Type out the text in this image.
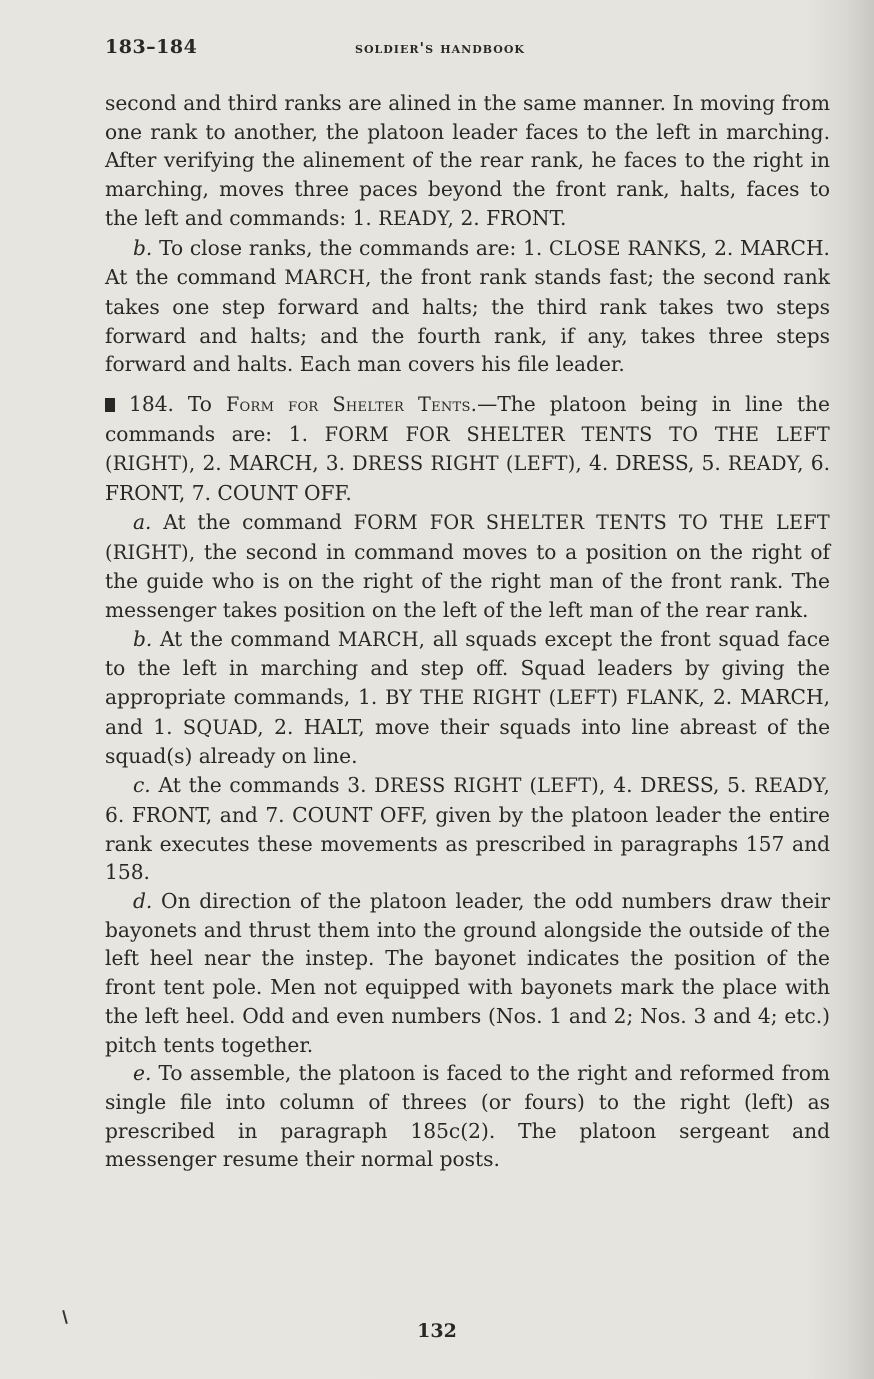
183–184	soldier's handbook

second and third ranks are alined in the same manner. In moving from one rank to another, the platoon leader faces to the left in marching. After verifying the alinement of the rear rank, he faces to the right in marching, moves three paces beyond the front rank, halts, faces to the left and commands: 1. READY, 2. FRONT.

b. To close ranks, the commands are: 1. CLOSE RANKS, 2. MARCH. At the command MARCH, the front rank stands fast; the second rank takes one step forward and halts; the third rank takes two steps forward and halts; and the fourth rank, if any, takes three steps forward and halts. Each man covers his file leader.

184. To Form for Shelter Tents.—The platoon being in line the commands are: 1. FORM FOR SHELTER TENTS TO THE LEFT (RIGHT), 2. MARCH, 3. DRESS RIGHT (LEFT), 4. DRESS, 5. READY, 6. FRONT, 7. COUNT OFF.

a. At the command FORM FOR SHELTER TENTS TO THE LEFT (RIGHT), the second in command moves to a position on the right of the guide who is on the right of the right man of the front rank. The messenger takes position on the left of the left man of the rear rank.

b. At the command MARCH, all squads except the front squad face to the left in marching and step off. Squad leaders by giving the appropriate commands, 1. BY THE RIGHT (LEFT) FLANK, 2. MARCH, and 1. SQUAD, 2. HALT, move their squads into line abreast of the squad(s) already on line.

c. At the commands 3. DRESS RIGHT (LEFT), 4. DRESS, 5. READY, 6. FRONT, and 7. COUNT OFF, given by the platoon leader the entire rank executes these movements as prescribed in paragraphs 157 and 158.

d. On direction of the platoon leader, the odd numbers draw their bayonets and thrust them into the ground alongside the outside of the left heel near the instep. The bayonet indicates the position of the front tent pole. Men not equipped with bayonets mark the place with the left heel. Odd and even numbers (Nos. 1 and 2; Nos. 3 and 4; etc.) pitch tents together.

e. To assemble, the platoon is faced to the right and reformed from single file into column of threes (or fours) to the right (left) as prescribed in paragraph 185c(2). The platoon sergeant and messenger resume their normal posts.

132
